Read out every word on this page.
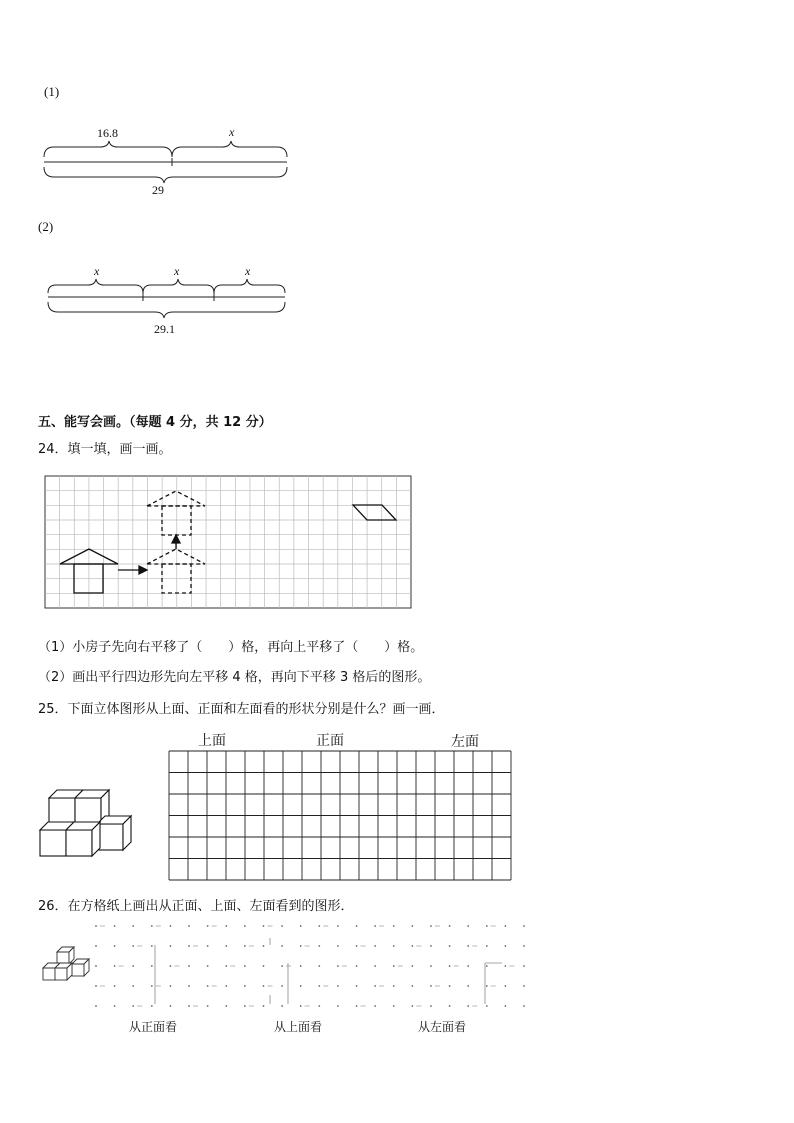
(1)
16.8	x
29
(2)
x	x	x
29.1
五、能写会画。（每题 4 分，共 12 分）
24．填一填，画一画。
（1）小房子先向右平移了（　　）格，再向上平移了（　　）格。
（2）画出平行四边形先向左平移 4 格，再向下平移 3 格后的图形。
25．下面立体图形从上面、正面和左面看的形状分别是什么？画一画．
上面	正面	左面
26．在方格纸上画出从正面、上面、左面看到的图形．
从正面看	从上面看	从左面看
